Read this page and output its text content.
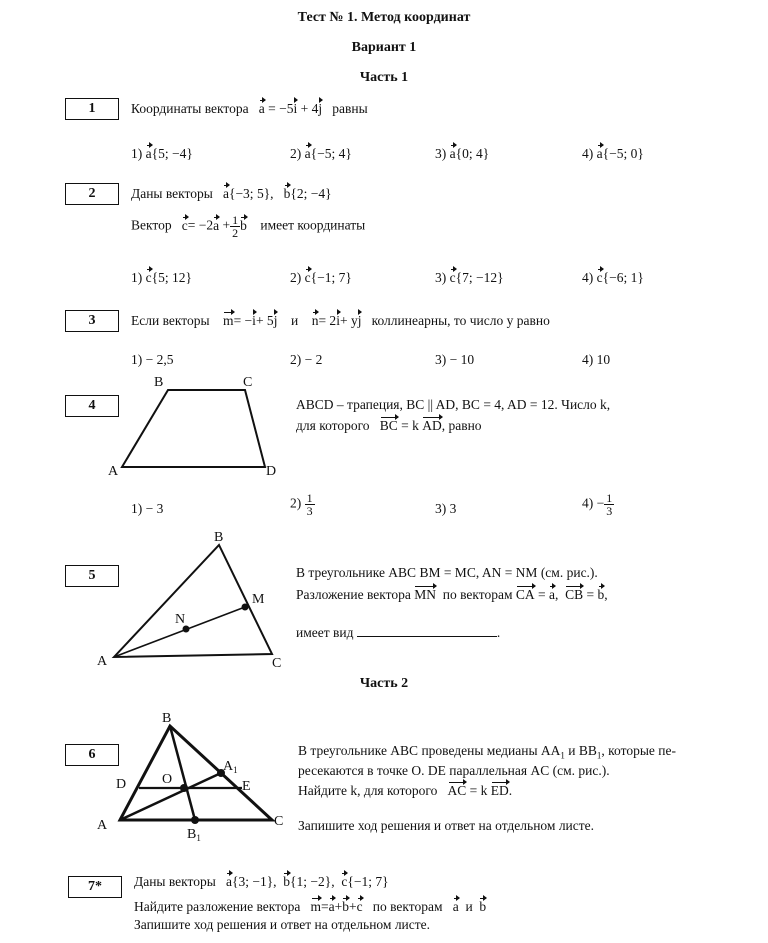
Тест № 1. Метод координат
Вариант 1
Часть 1
1	Координаты вектора a = −5i + 4j равны
1) a{5; −4}	2) a{−5; 4}	3) a{0; 4}	4) a{−5; 0}
2	Даны векторы a{−3; 5}, b{2; −4}
Вектор $c= -2a + \frac{1}{2}$ b имеет координаты
1) c{5; 12}	2) c{−1; 7}	3) c{7; −12}	4) c{−6; 1}
3	Если векторы m= −i+ 5j и n= 2i+ yj коллинеарны, то число y равно
1) − 2,5	2) − 2	3) − 10	4) 10
4
A
B	C
D
ABCD – трапеция, BC || AD, BC = 4, AD = 12. Число k,
для которого BC = k AD, равно
1) − 3	$2) \frac{1}{3}$	3) 3	$4) - \frac{1}{3}$
5
A
B
C
M
N
В треугольнике ABC BM = MC, AN = NM (см. рис.).
Разложение вектора MN по векторам CA = a,  CB = b,
имеет вид	.
Часть 2
6
A
B
C
D	E
O
$A_1$
$B_1$
В треугольнике ABC проведены медианы $AA_1$ и $BB_1$, которые пе-
ресекаются в точке O. DE параллельная AC (см. рис.).
Найдите k, для которого AC = k ED.
Запишите ход решения и ответ на отдельном листе.
7*	Даны векторы a{3; −1}, b{1; −2}, c{−1; 7}
Найдите разложение вектора m=a+b+c по векторам a и b
Запишите ход решения и ответ на отдельном листе.
